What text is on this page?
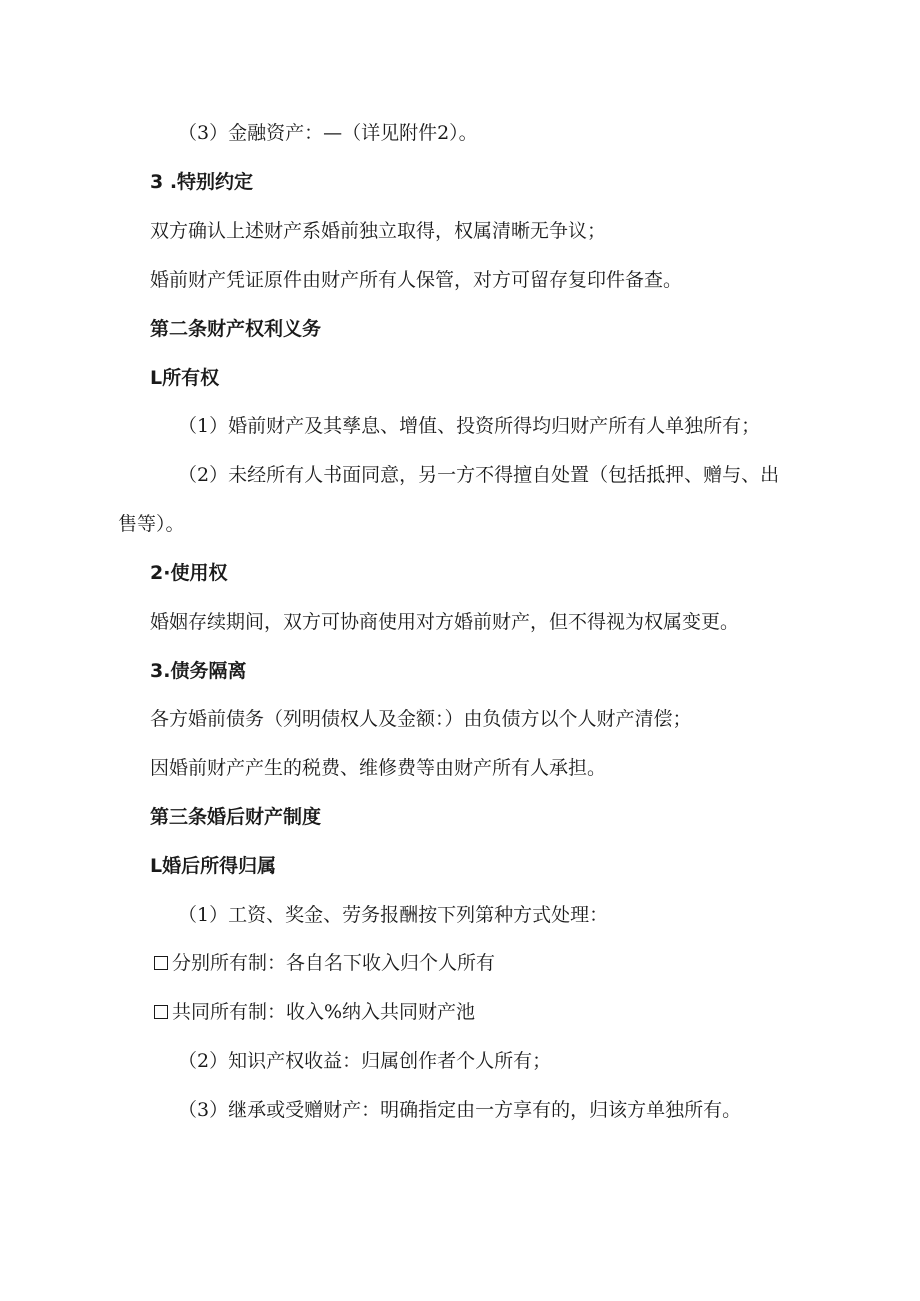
（3）金融资产：—（详见附件2）。
3 .特别约定
双方确认上述财产系婚前独立取得，权属清晰无争议；
婚前财产凭证原件由财产所有人保管，对方可留存复印件备查。
第二条财产权利义务
L所有权
（1）婚前财产及其孳息、增值、投资所得均归财产所有人单独所有；
（2）未经所有人书面同意，另一方不得擅自处置（包括抵押、赠与、出
售等）。
2·使用权
婚姻存续期间，双方可协商使用对方婚前财产，但不得视为权属变更。
3.债务隔离
各方婚前债务（列明债权人及金额：）由负债方以个人财产清偿；
因婚前财产产生的税费、维修费等由财产所有人承担。
第三条婚后财产制度
L婚后所得归属
（1）工资、奖金、劳务报酬按下列第种方式处理：
分别所有制：各自名下收入归个人所有
共同所有制：收入%纳入共同财产池
（2）知识产权收益：归属创作者个人所有；
（3）继承或受赠财产：明确指定由一方享有的，归该方单独所有。
